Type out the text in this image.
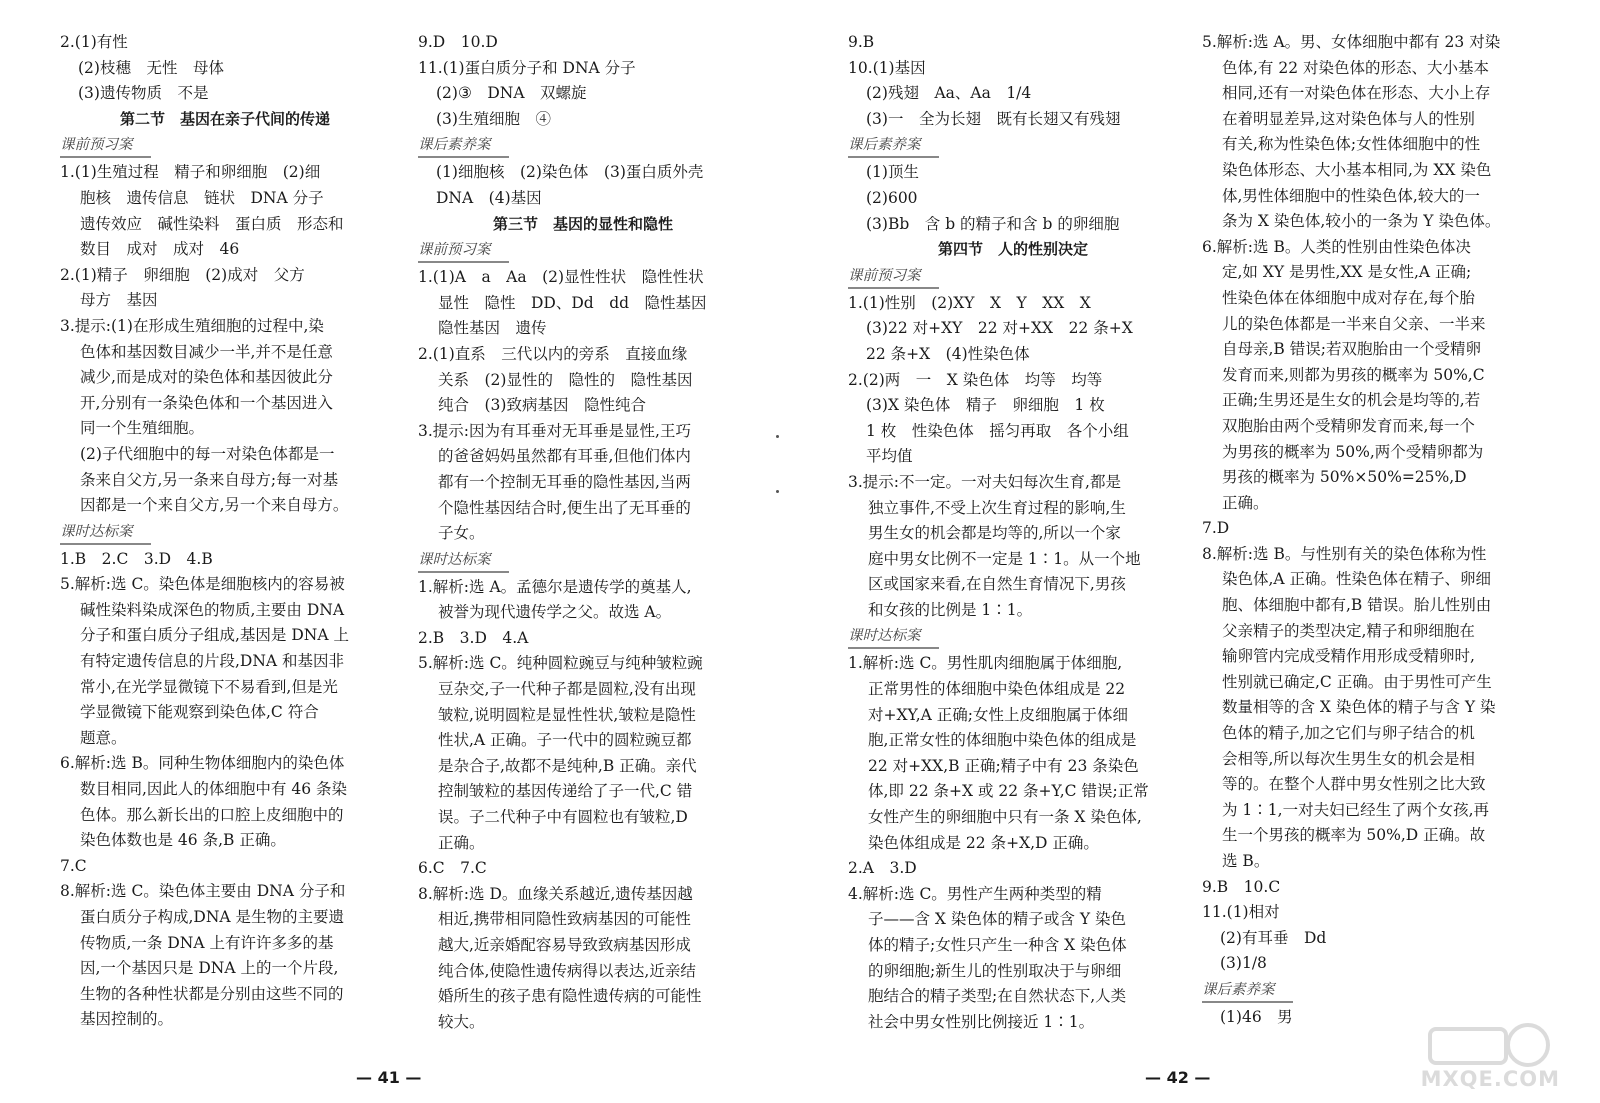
2.(1)有性
(2)枝穗　无性　母体
(3)遗传物质　不是
第二节　基因在亲子代间的传递
课前预习案
1.(1)生殖过程　精子和卵细胞　(2)细
胞核　遗传信息　链状　DNA 分子
遗传效应　碱性染料　蛋白质　形态和
数目　成对　成对　46
2.(1)精子　卵细胞　(2)成对　父方
母方　基因
3.提示:(1)在形成生殖细胞的过程中,染
色体和基因数目减少一半,并不是任意
减少,而是成对的染色体和基因彼此分
开,分别有一条染色体和一个基因进入
同一个生殖细胞。
(2)子代细胞中的每一对染色体都是一
条来自父方,另一条来自母方;每一对基
因都是一个来自父方,另一个来自母方。
课时达标案
1.B　2.C　3.D　4.B
5.解析:选 C。染色体是细胞核内的容易被
碱性染料染成深色的物质,主要由 DNA
分子和蛋白质分子组成,基因是 DNA 上
有特定遗传信息的片段,DNA 和基因非
常小,在光学显微镜下不易看到,但是光
学显微镜下能观察到染色体,C 符合
题意。
6.解析:选 B。同种生物体细胞内的染色体
数目相同,因此人的体细胞中有 46 条染
色体。那么新长出的口腔上皮细胞中的
染色体数也是 46 条,B 正确。
7.C
8.解析:选 C。染色体主要由 DNA 分子和
蛋白质分子构成,DNA 是生物的主要遗
传物质,一条 DNA 上有许许多多的基
因,一个基因只是 DNA 上的一个片段,
生物的各种性状都是分别由这些不同的
基因控制的。
9.D　10.D
11.(1)蛋白质分子和 DNA 分子
(2)③　DNA　双螺旋
(3)生殖细胞　④
课后素养案
(1)细胞核　(2)染色体　(3)蛋白质外壳
DNA　(4)基因
第三节　基因的显性和隐性
课前预习案
1.(1)A　a　Aa　(2)显性性状　隐性性状
显性　隐性　DD、Dd　dd　隐性基因
隐性基因　遗传
2.(1)直系　三代以内的旁系　直接血缘
关系　(2)显性的　隐性的　隐性基因
纯合　(3)致病基因　隐性纯合
3.提示:因为有耳垂对无耳垂是显性,王巧
的爸爸妈妈虽然都有耳垂,但他们体内
都有一个控制无耳垂的隐性基因,当两
个隐性基因结合时,便生出了无耳垂的
子女。
课时达标案
1.解析:选 A。孟德尔是遗传学的奠基人,
被誉为现代遗传学之父。故选 A。
2.B　3.D　4.A
5.解析:选 C。纯种圆粒豌豆与纯种皱粒豌
豆杂交,子一代种子都是圆粒,没有出现
皱粒,说明圆粒是显性性状,皱粒是隐性
性状,A 正确。子一代中的圆粒豌豆都
是杂合子,故都不是纯种,B 正确。亲代
控制皱粒的基因传递给了子一代,C 错
误。子二代种子中有圆粒也有皱粒,D
正确。
6.C　7.C
8.解析:选 D。血缘关系越近,遗传基因越
相近,携带相同隐性致病基因的可能性
越大,近亲婚配容易导致致病基因形成
纯合体,使隐性遗传病得以表达,近亲结
婚所生的孩子患有隐性遗传病的可能性
较大。
9.B
10.(1)基因
(2)残翅　Aa、Aa　1/4
(3)一　全为长翅　既有长翅又有残翅
课后素养案
(1)顶生
(2)600
(3)Bb　含 b 的精子和含 b 的卵细胞
第四节　人的性别决定
课前预习案
1.(1)性别　(2)XY　X　Y　XX　X
(3)22 对+XY　22 对+XX　22 条+X
22 条+X　(4)性染色体
2.(2)两　一　X 染色体　均等　均等
(3)X 染色体　精子　卵细胞　1 枚
1 枚　性染色体　摇匀再取　各个小组
平均值
3.提示:不一定。一对夫妇每次生育,都是
独立事件,不受上次生育过程的影响,生
男生女的机会都是均等的,所以一个家
庭中男女比例不一定是 1∶1。从一个地
区或国家来看,在自然生育情况下,男孩
和女孩的比例是 1∶1。
课时达标案
1.解析:选 C。男性肌肉细胞属于体细胞,
正常男性的体细胞中染色体组成是 22
对+XY,A 正确;女性上皮细胞属于体细
胞,正常女性的体细胞中染色体的组成是
22 对+XX,B 正确;精子中有 23 条染色
体,即 22 条+X 或 22 条+Y,C 错误;正常
女性产生的卵细胞中只有一条 X 染色体,
染色体组成是 22 条+X,D 正确。
2.A　3.D
4.解析:选 C。男性产生两种类型的精
子——含 X 染色体的精子或含 Y 染色
体的精子;女性只产生一种含 X 染色体
的卵细胞;新生儿的性别取决于与卵细
胞结合的精子类型;在自然状态下,人类
社会中男女性别比例接近 1∶1。
5.解析:选 A。男、女体细胞中都有 23 对染
色体,有 22 对染色体的形态、大小基本
相同,还有一对染色体在形态、大小上存
在着明显差异,这对染色体与人的性别
有关,称为性染色体;女性体细胞中的性
染色体形态、大小基本相同,为 XX 染色
体,男性体细胞中的性染色体,较大的一
条为 X 染色体,较小的一条为 Y 染色体。
6.解析:选 B。人类的性别由性染色体决
定,如 XY 是男性,XX 是女性,A 正确;
性染色体在体细胞中成对存在,每个胎
儿的染色体都是一半来自父亲、一半来
自母亲,B 错误;若双胞胎由一个受精卵
发育而来,则都为男孩的概率为 50%,C
正确;生男还是生女的机会是均等的,若
双胞胎由两个受精卵发育而来,每一个
为男孩的概率为 50%,两个受精卵都为
男孩的概率为 50%×50%=25%,D
正确。
7.D
8.解析:选 B。与性别有关的染色体称为性
染色体,A 正确。性染色体在精子、卵细
胞、体细胞中都有,B 错误。胎儿性别由
父亲精子的类型决定,精子和卵细胞在
输卵管内完成受精作用形成受精卵时,
性别就已确定,C 正确。由于男性可产生
数量相等的含 X 染色体的精子与含 Y 染
色体的精子,加之它们与卵子结合的机
会相等,所以每次生男生女的机会是相
等的。在整个人群中男女性别之比大致
为 1∶1,一对夫妇已经生了两个女孩,再
生一个男孩的概率为 50%,D 正确。故
选 B。
9.B　10.C
11.(1)相对
(2)有耳垂　Dd
(3)1/8
课后素养案
(1)46　男
— 41 —	— 42 —	MXQE.COM
